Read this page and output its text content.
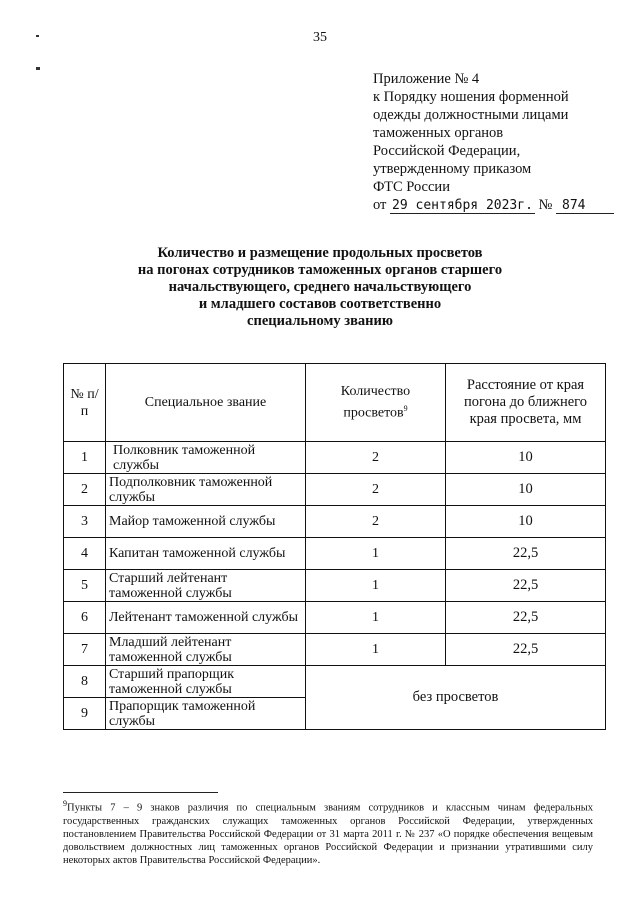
35
Приложение № 4
к Порядку ношения форменной
одежды должностными лицами
таможенных органов
Российской Федерации,
утвержденному приказом
ФТС России
от 29 сентября 2023г. № 874
Количество и размещение продольных просветов
на погонах сотрудников таможенных органов старшего
начальствующего, среднего начальствующего
и младшего составов соответственно
специальному званию
№ п/п	Специальное звание	Количество просветов$^9$	Расстояние от края погона до ближнего края просвета, мм
1	Полковник таможенной службы	2	10
2	Подполковник таможенной службы	2	10
3	Майор таможенной службы	2	10
4	Капитан таможенной службы	1	22,5
5	Старший лейтенант таможенной службы	1	22,5
6	Лейтенант таможенной службы	1	22,5
7	Младший лейтенант таможенной службы	1	22,5
8	Старший прапорщик таможенной службы	без просветов	
9	Прапорщик таможенной службы		
$^9$Пункты 7 – 9 знаков различия по специальным званиям сотрудников и классным чинам федеральных государственных гражданских служащих таможенных органов Российской Федерации, утвержденных постановлением Правительства Российской Федерации от 31 марта 2011 г. № 237 «О порядке обеспечения вещевым довольствием должностных лиц таможенных органов Российской Федерации и признании утратившими силу некоторых актов Правительства Российской Федерации».
